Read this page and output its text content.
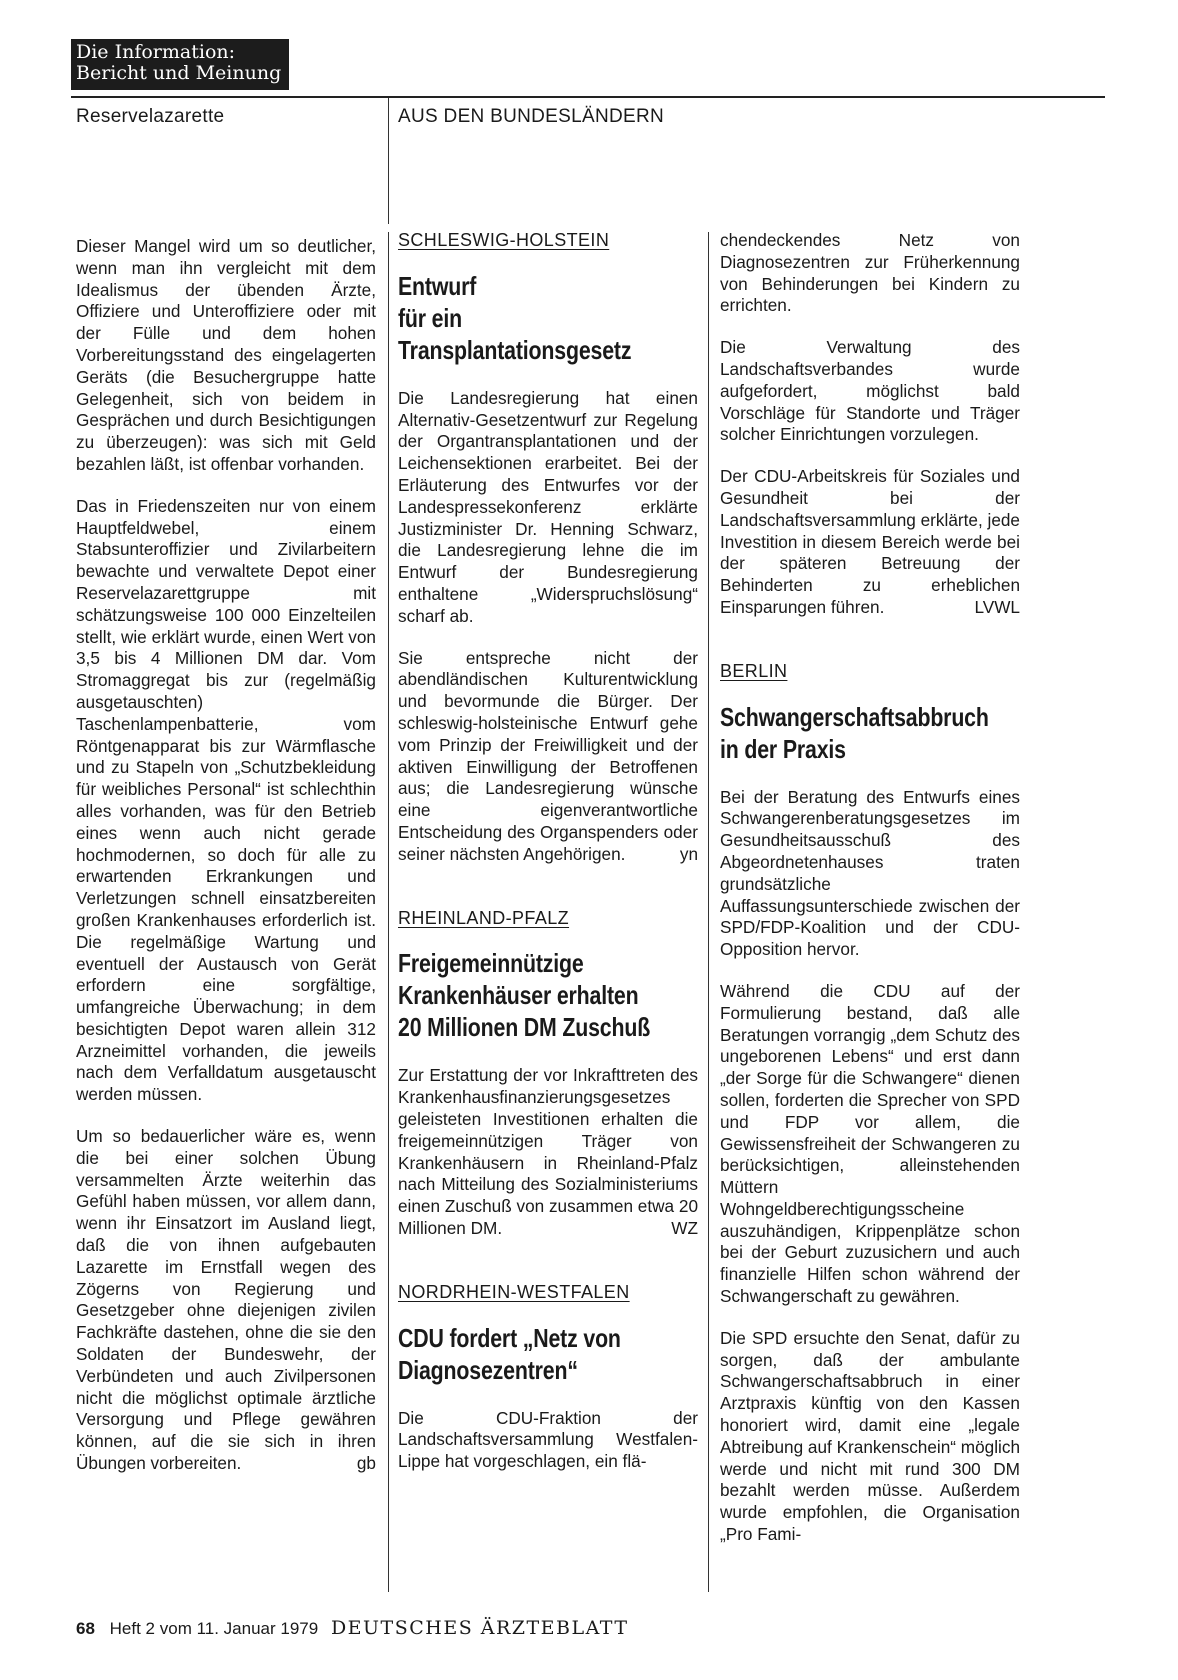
Die Information:
Bericht und Meinung
Reservelazarette	AUS DEN BUNDESLÄNDERN

Dieser Mangel wird um so deutlicher, wenn man ihn vergleicht mit dem Idealismus der übenden Ärzte, Offiziere und Unteroffiziere oder mit der Fülle und dem hohen Vorbereitungsstand des eingelagerten Geräts (die Besuchergruppe hatte Gelegenheit, sich von beidem in Gesprächen und durch Besichtigungen zu überzeugen): was sich mit Geld bezahlen läßt, ist offenbar vorhanden.

Das in Friedenszeiten nur von einem Hauptfeldwebel, einem Stabsunteroffizier und Zivilarbeitern bewachte und verwaltete Depot einer Reservelazarettgruppe mit schätzungsweise 100 000 Einzelteilen stellt, wie erklärt wurde, einen Wert von 3,5 bis 4 Millionen DM dar. Vom Stromaggregat bis zur (regelmäßig ausgetauschten) Taschenlampenbatterie, vom Röntgenapparat bis zur Wärmflasche und zu Stapeln von „Schutzbekleidung für weibliches Personal“ ist schlechthin alles vorhanden, was für den Betrieb eines wenn auch nicht gerade hochmodernen, so doch für alle zu erwartenden Erkrankungen und Verletzungen schnell einsatzbereiten großen Krankenhauses erforderlich ist. Die regelmäßige Wartung und eventuell der Austausch von Gerät erfordern eine sorgfältige, umfangreiche Überwachung; in dem besichtigten Depot waren allein 312 Arzneimittel vorhanden, die jeweils nach dem Verfalldatum ausgetauscht werden müssen.

Um so bedauerlicher wäre es, wenn die bei einer solchen Übung versammelten Ärzte weiterhin das Gefühl haben müssen, vor allem dann, wenn ihr Einsatzort im Ausland liegt, daß die von ihnen aufgebauten Lazarette im Ernstfall wegen des Zögerns von Regierung und Gesetzgeber ohne diejenigen zivilen Fachkräfte dastehen, ohne die sie den Soldaten der Bundeswehr, der Verbündeten und auch Zivilpersonen nicht die möglichst optimale ärztliche Versorgung und Pflege gewähren können, auf die sie sich in ihren Übungen vorbereiten.	gb

SCHLESWIG-HOLSTEIN
Entwurf
für ein
Transplantationsgesetz

Die Landesregierung hat einen Alternativ-Gesetzentwurf zur Regelung der Organtransplantationen und der Leichensektionen erarbeitet. Bei der Erläuterung des Entwurfes vor der Landespressekonferenz erklärte Justizminister Dr. Henning Schwarz, die Landesregierung lehne die im Entwurf der Bundesregierung enthaltene „Widerspruchslösung“ scharf ab.

Sie entspreche nicht der abendländischen Kulturentwicklung und bevormunde die Bürger. Der schleswig-holsteinische Entwurf gehe vom Prinzip der Freiwilligkeit und der aktiven Einwilligung der Betroffenen aus; die Landesregierung wünsche eine eigenverantwortliche Entscheidung des Organspenders oder seiner nächsten Angehörigen.	yn

RHEINLAND-PFALZ
Freigemeinnützige
Krankenhäuser erhalten
20 Millionen DM Zuschuß

Zur Erstattung der vor Inkrafttreten des Krankenhausfinanzierungsgesetzes geleisteten Investitionen erhalten die freigemeinnützigen Träger von Krankenhäusern in Rheinland-Pfalz nach Mitteilung des Sozialministeriums einen Zuschuß von zusammen etwa 20 Millionen DM.	WZ

NORDRHEIN-WESTFALEN
CDU fordert „Netz von
Diagnosezentren“

Die CDU-Fraktion der Landschaftsversammlung Westfalen-Lippe hat vorgeschlagen, ein flä-

chendeckendes Netz von Diagnosezentren zur Früherkennung von Behinderungen bei Kindern zu errichten.

Die Verwaltung des Landschaftsverbandes wurde aufgefordert, möglichst bald Vorschläge für Standorte und Träger solcher Einrichtungen vorzulegen.

Der CDU-Arbeitskreis für Soziales und Gesundheit bei der Landschaftsversammlung erklärte, jede Investition in diesem Bereich werde bei der späteren Betreuung der Behinderten zu erheblichen Einsparungen führen.	LVWL

BERLIN
Schwangerschaftsabbruch
in der Praxis

Bei der Beratung des Entwurfs eines Schwangerenberatungsgesetzes im Gesundheitsausschuß des Abgeordnetenhauses traten grundsätzliche Auffassungsunterschiede zwischen der SPD/FDP-Koalition und der CDU-Opposition hervor.

Während die CDU auf der Formulierung bestand, daß alle Beratungen vorrangig „dem Schutz des ungeborenen Lebens“ und erst dann „der Sorge für die Schwangere“ dienen sollen, forderten die Sprecher von SPD und FDP vor allem, die Gewissensfreiheit der Schwangeren zu berücksichtigen, alleinstehenden Müttern Wohngeldberechtigungsscheine auszuhändigen, Krippenplätze schon bei der Geburt zuzusichern und auch finanzielle Hilfen schon während der Schwangerschaft zu gewähren.

Die SPD ersuchte den Senat, dafür zu sorgen, daß der ambulante Schwangerschaftsabbruch in einer Arztpraxis künftig von den Kassen honoriert wird, damit eine „legale Abtreibung auf Krankenschein“ möglich werde und nicht mit rund 300 DM bezahlt werden müsse. Außerdem wurde empfohlen, die Organisation „Pro Fami-

68 Heft 2 vom 11. Januar 1979 DEUTSCHES ÄRZTEBLATT
